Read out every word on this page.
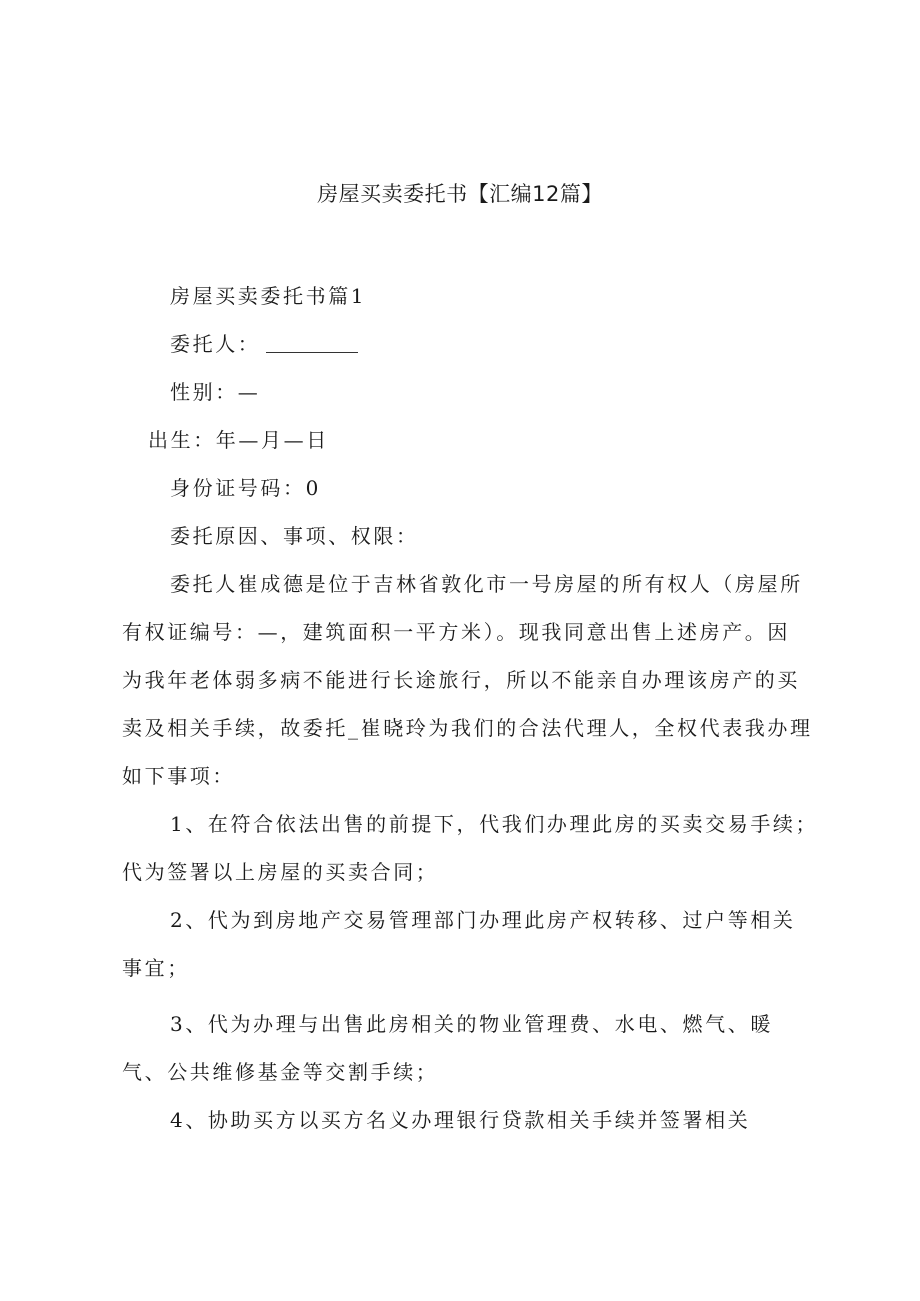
房屋买卖委托书【汇编12篇】
房屋买卖委托书篇1
委托人：
性别：—
出生：年—月—日
身份证号码：0
委托原因、事项、权限：
委托人崔成德是位于吉林省敦化市一号房屋的所有权人（房屋所
有权证编号：—，建筑面积一平方米）。现我同意出售上述房产。因
为我年老体弱多病不能进行长途旅行，所以不能亲自办理该房产的买
卖及相关手续，故委托_崔晓玲为我们的合法代理人，全权代表我办理
如下事项：
1、在符合依法出售的前提下，代我们办理此房的买卖交易手续；
代为签署以上房屋的买卖合同；
2、代为到房地产交易管理部门办理此房产权转移、过户等相关
事宜；
3、代为办理与出售此房相关的物业管理费、水电、燃气、暖
气、公共维修基金等交割手续；
4、协助买方以买方名义办理银行贷款相关手续并签署相关
